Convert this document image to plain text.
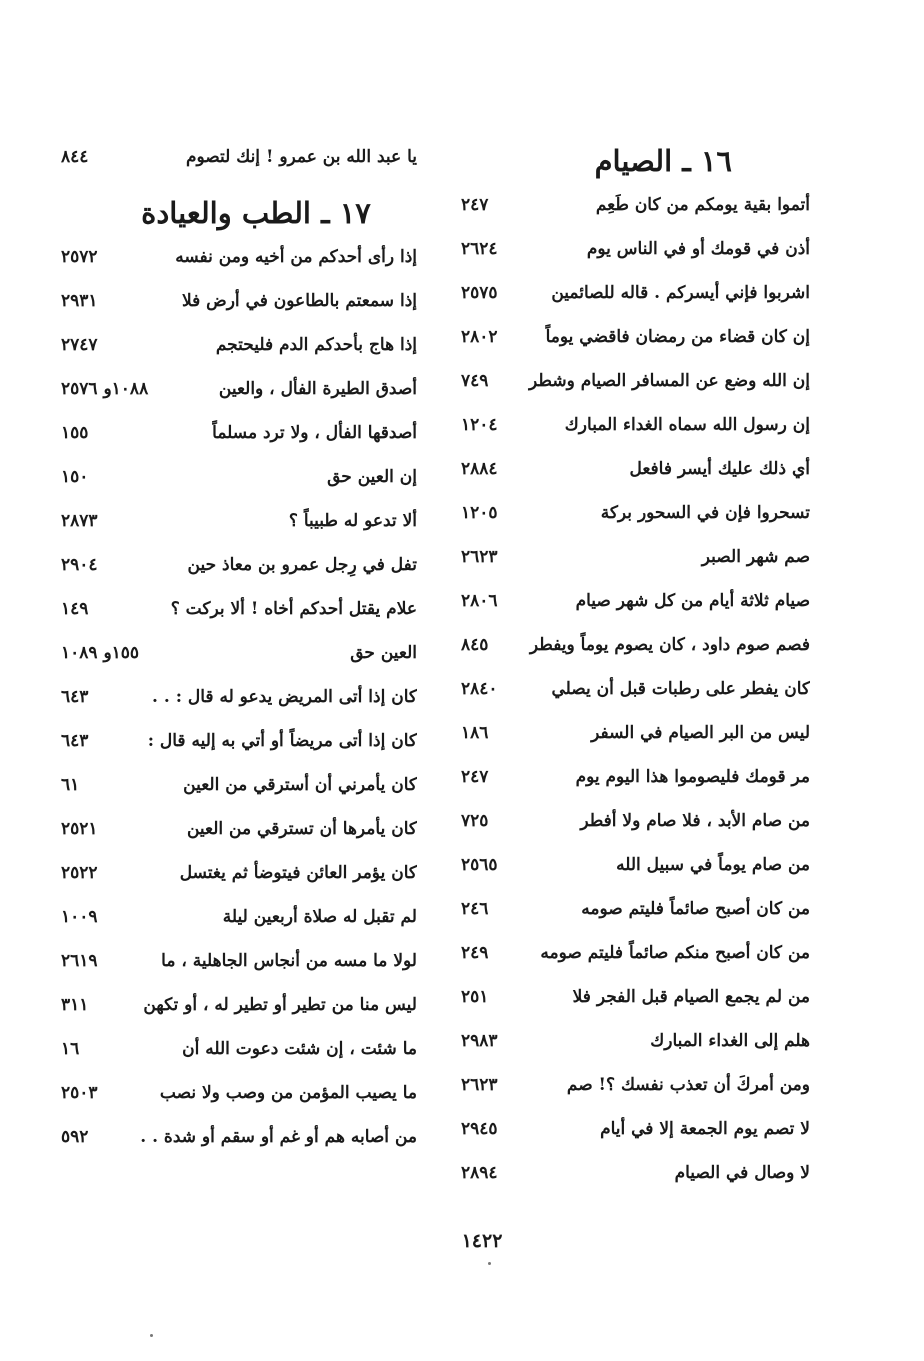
١٦ ـ الصيام
أتموا بقية يومكم من كان طَعِم
٢٤٧
أذن في قومك أو في الناس يوم
٢٦٢٤
اشربوا فإني أيسركم . قاله للصائمين
٢٥٧٥
إن كان قضاء من رمضان فاقضي يوماً
٢٨٠٢
إن الله وضع عن المسافر الصيام وشطر
٧٤٩
إن رسول الله سماه الغداء المبارك
١٢٠٤
أي ذلك عليك أيسر فافعل
٢٨٨٤
تسحروا فإن في السحور بركة
١٢٠٥
صم شهر الصبر
٢٦٢٣
صيام ثلاثة أيام من كل شهر صيام
٢٨٠٦
فصم صوم داود ، كان يصوم يوماً ويفطر
٨٤٥
كان يفطر على رطبات قبل أن يصلي
٢٨٤٠
ليس من البر الصيام في السفر
١٨٦
مر قومك فليصوموا هذا اليوم يوم
٢٤٧
من صام الأبد ، فلا صام ولا أفطر
٧٢٥
من صام يوماً في سبيل الله
٢٥٦٥
من كان أصبح صائماً فليتم صومه
٢٤٦
من كان أصبح منكم صائماً فليتم صومه
٢٤٩
من لم يجمع الصيام قبل الفجر فلا
٢٥١
هلم إلى الغداء المبارك
٢٩٨٣
ومن أمركَ أن تعذب نفسك ؟! صم
٢٦٢٣
لا تصم يوم الجمعة إلا في أيام
٢٩٤٥
لا وصال في الصيام
٢٨٩٤
يا عبد الله بن عمرو ! إنك لتصوم
٨٤٤
١٧ ـ الطب والعيادة
إذا رأى أحدكم من أخيه ومن نفسه
٢٥٧٢
إذا سمعتم بالطاعون في أرض فلا
٢٩٣١
إذا هاج بأحدكم الدم فليحتجم
٢٧٤٧
أصدق الطيرة الفأل ، والعين
١٠٨٨و ٢٥٧٦
أصدقها الفأل ، ولا ترد مسلماً
١٥٥
إن العين حق
١٥٠
ألا تدعو له طبيباً ؟
٢٨٧٣
تفل في رِجل عمرو بن معاذ حين
٢٩٠٤
علام يقتل أحدكم أخاه ! ألا بركت ؟
١٤٩
العين حق
١٥٥و ١٠٨٩
كان إذا أتى المريض يدعو له قال : . .
٦٤٣
كان إذا أتى مريضاً أو أتي به إليه قال :
٦٤٣
كان يأمرني أن أسترقي من العين
٦١
كان يأمرها أن تسترقي من العين
٢٥٢١
كان يؤمر العائن فيتوضأ ثم يغتسل
٢٥٢٢
لم تقبل له صلاة أربعين ليلة
١٠٠٩
لولا ما مسه من أنجاس الجاهلية ، ما
٢٦١٩
ليس منا من تطير أو تطير له ، أو تكهن
٣١١
ما شئت ، إن شئت دعوت الله أن
١٦
ما يصيب المؤمن من وصب ولا نصب
٢٥٠٣
من أصابه هم أو غم أو سقم أو شدة . .
٥٩٢
١٤٢٢
